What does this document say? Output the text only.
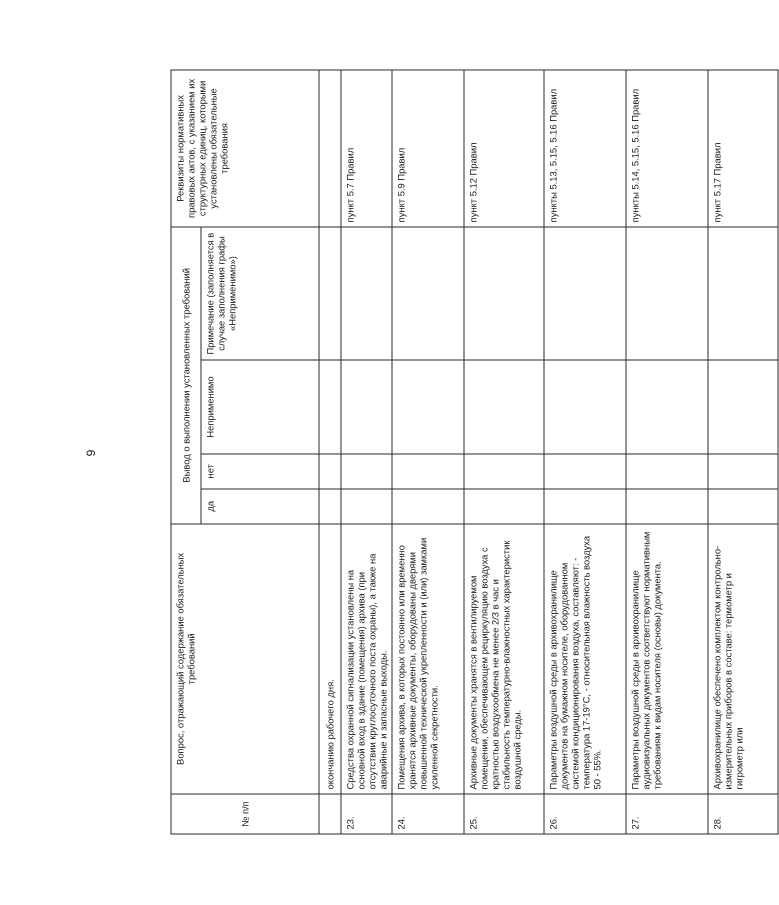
9
№ п/п	Вопрос, отражающий содержание обязательных требований	Вывод о выполнении установленных требований				Реквизиты нормативных правовых актов, с указанием их структурных единиц, которыми установлены обязательные требования
		да	нет	Неприменимо	Примечание (заполняется в случае заполнения графы «Неприменимо»)	
	окончанию рабочего дня.					
23.	Средства охранной сигнализации установлены на основной вход в здание (помещения) архива (при отсутствии круглосуточного поста охраны), а также на аварийные и запасные выходы.					пункт 5.7 Правил
24.	Помещения архива, в которых постоянно или временно хранятся архивные документы, оборудованы дверями повышенной технической укрепленности и (или) замками усиленной секретности.					пункт 5.9 Правил
25.	Архивные документы хранятся в вентилируемом помещении, обеспечивающем рециркуляцию воздуха с кратностью воздухообмена не менее 2/3 в час и стабильность температурно-влажностных характеристик воздушной среды.					пункт 5.12 Правил
26.	Параметры воздушной среды в архивохранилище документов на бумажном носителе, оборудованном системой кондиционирования воздуха, составляют: - температура 17-19°С, - относительная влажность воздуха 50 - 55%.					пункты 5.13, 5.15, 5.16 Правил
27.	Параметры воздушной среды в архивохранилище аудиовизуальных документов соответствуют нормативным требованиям к видам носителя (основы) документа.					пункты 5.14, 5.15, 5.16 Правил
28.	Архивохранилище обеспечено комплектом контрольно-измерительных приборов в составе: термометр и гигрометр или					пункт 5.17 Правил
